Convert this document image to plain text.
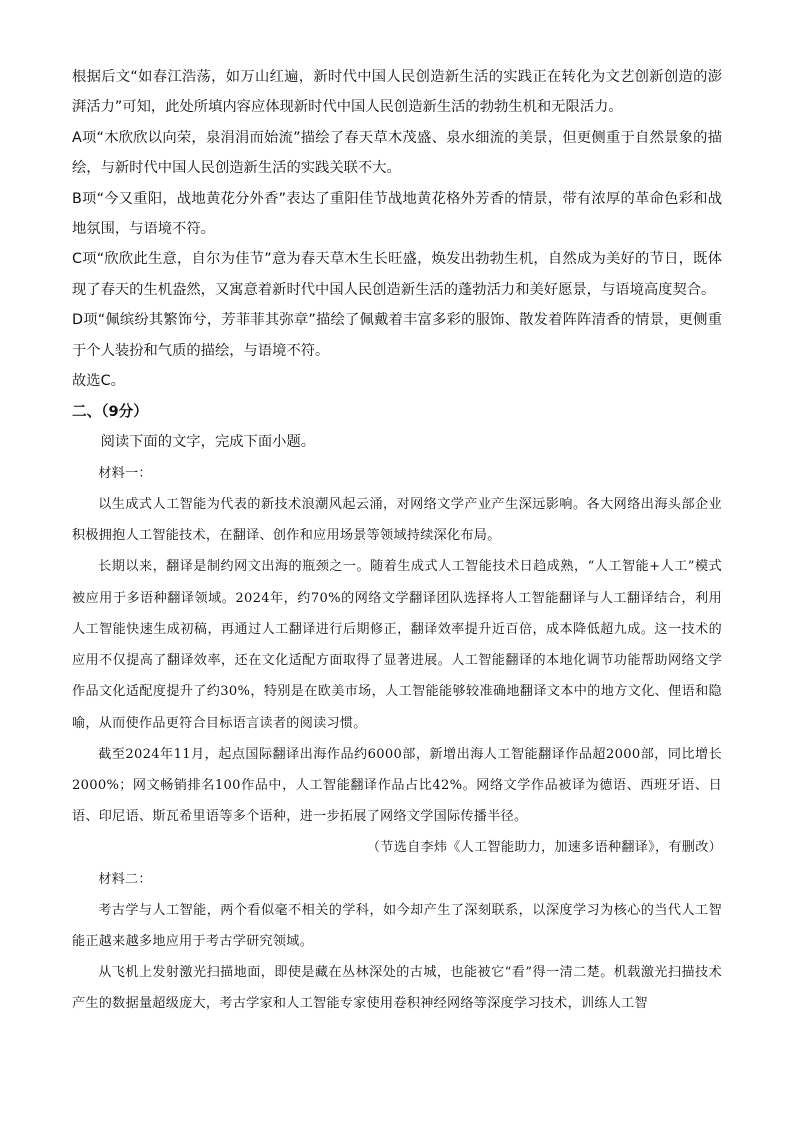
根据后文“如春江浩荡，如万山红遍，新时代中国人民创造新生活的实践正在转化为文艺创新创造的澎湃活力”可知，此处所填内容应体现新时代中国人民创造新生活的勃勃生机和无限活力。

A项“木欣欣以向荣，泉涓涓而始流”描绘了春天草木茂盛、泉水细流的美景，但更侧重于自然景象的描绘，与新时代中国人民创造新生活的实践关联不大。

B项“今又重阳，战地黄花分外香”表达了重阳佳节战地黄花格外芳香的情景，带有浓厚的革命色彩和战地氛围，与语境不符。

C项“欣欣此生意，自尔为佳节”意为春天草木生长旺盛，焕发出勃勃生机，自然成为美好的节日，既体现了春天的生机盎然，又寓意着新时代中国人民创造新生活的蓬勃活力和美好愿景，与语境高度契合。

D项“佩缤纷其繁饰兮，芳菲菲其弥章”描绘了佩戴着丰富多彩的服饰、散发着阵阵清香的情景，更侧重于个人装扮和气质的描绘，与语境不符。

故选C。

二、（9分）

阅读下面的文字，完成下面小题。

材料一：

以生成式人工智能为代表的新技术浪潮风起云涌，对网络文学产业产生深远影响。各大网络出海头部企业积极拥抱人工智能技术，在翻译、创作和应用场景等领域持续深化布局。

长期以来，翻译是制约网文出海的瓶颈之一。随着生成式人工智能技术日趋成熟，“人工智能+人工”模式被应用于多语种翻译领域。2024年，约70%的网络文学翻译团队选择将人工智能翻译与人工翻译结合，利用人工智能快速生成初稿，再通过人工翻译进行后期修正，翻译效率提升近百倍，成本降低超九成。这一技术的应用不仅提高了翻译效率，还在文化适配方面取得了显著进展。人工智能翻译的本地化调节功能帮助网络文学作品文化适配度提升了约30%，特别是在欧美市场，人工智能能够较准确地翻译文本中的地方文化、俚语和隐喻，从而使作品更符合目标语言读者的阅读习惯。

截至2024年11月，起点国际翻译出海作品约6000部，新增出海人工智能翻译作品超2000部，同比增长2000%；网文畅销排名100作品中，人工智能翻译作品占比42%。网络文学作品被译为德语、西班牙语、日语、印尼语、斯瓦希里语等多个语种，进一步拓展了网络文学国际传播半径。

（节选自李炜《人工智能助力，加速多语种翻译》，有删改）

材料二：

考古学与人工智能，两个看似毫不相关的学科，如今却产生了深刻联系，以深度学习为核心的当代人工智能正越来越多地应用于考古学研究领域。

从飞机上发射激光扫描地面，即使是藏在丛林深处的古城，也能被它“看”得一清二楚。机载激光扫描技术产生的数据量超级庞大，考古学家和人工智能专家使用卷积神经网络等深度学习技术，训练人工智
